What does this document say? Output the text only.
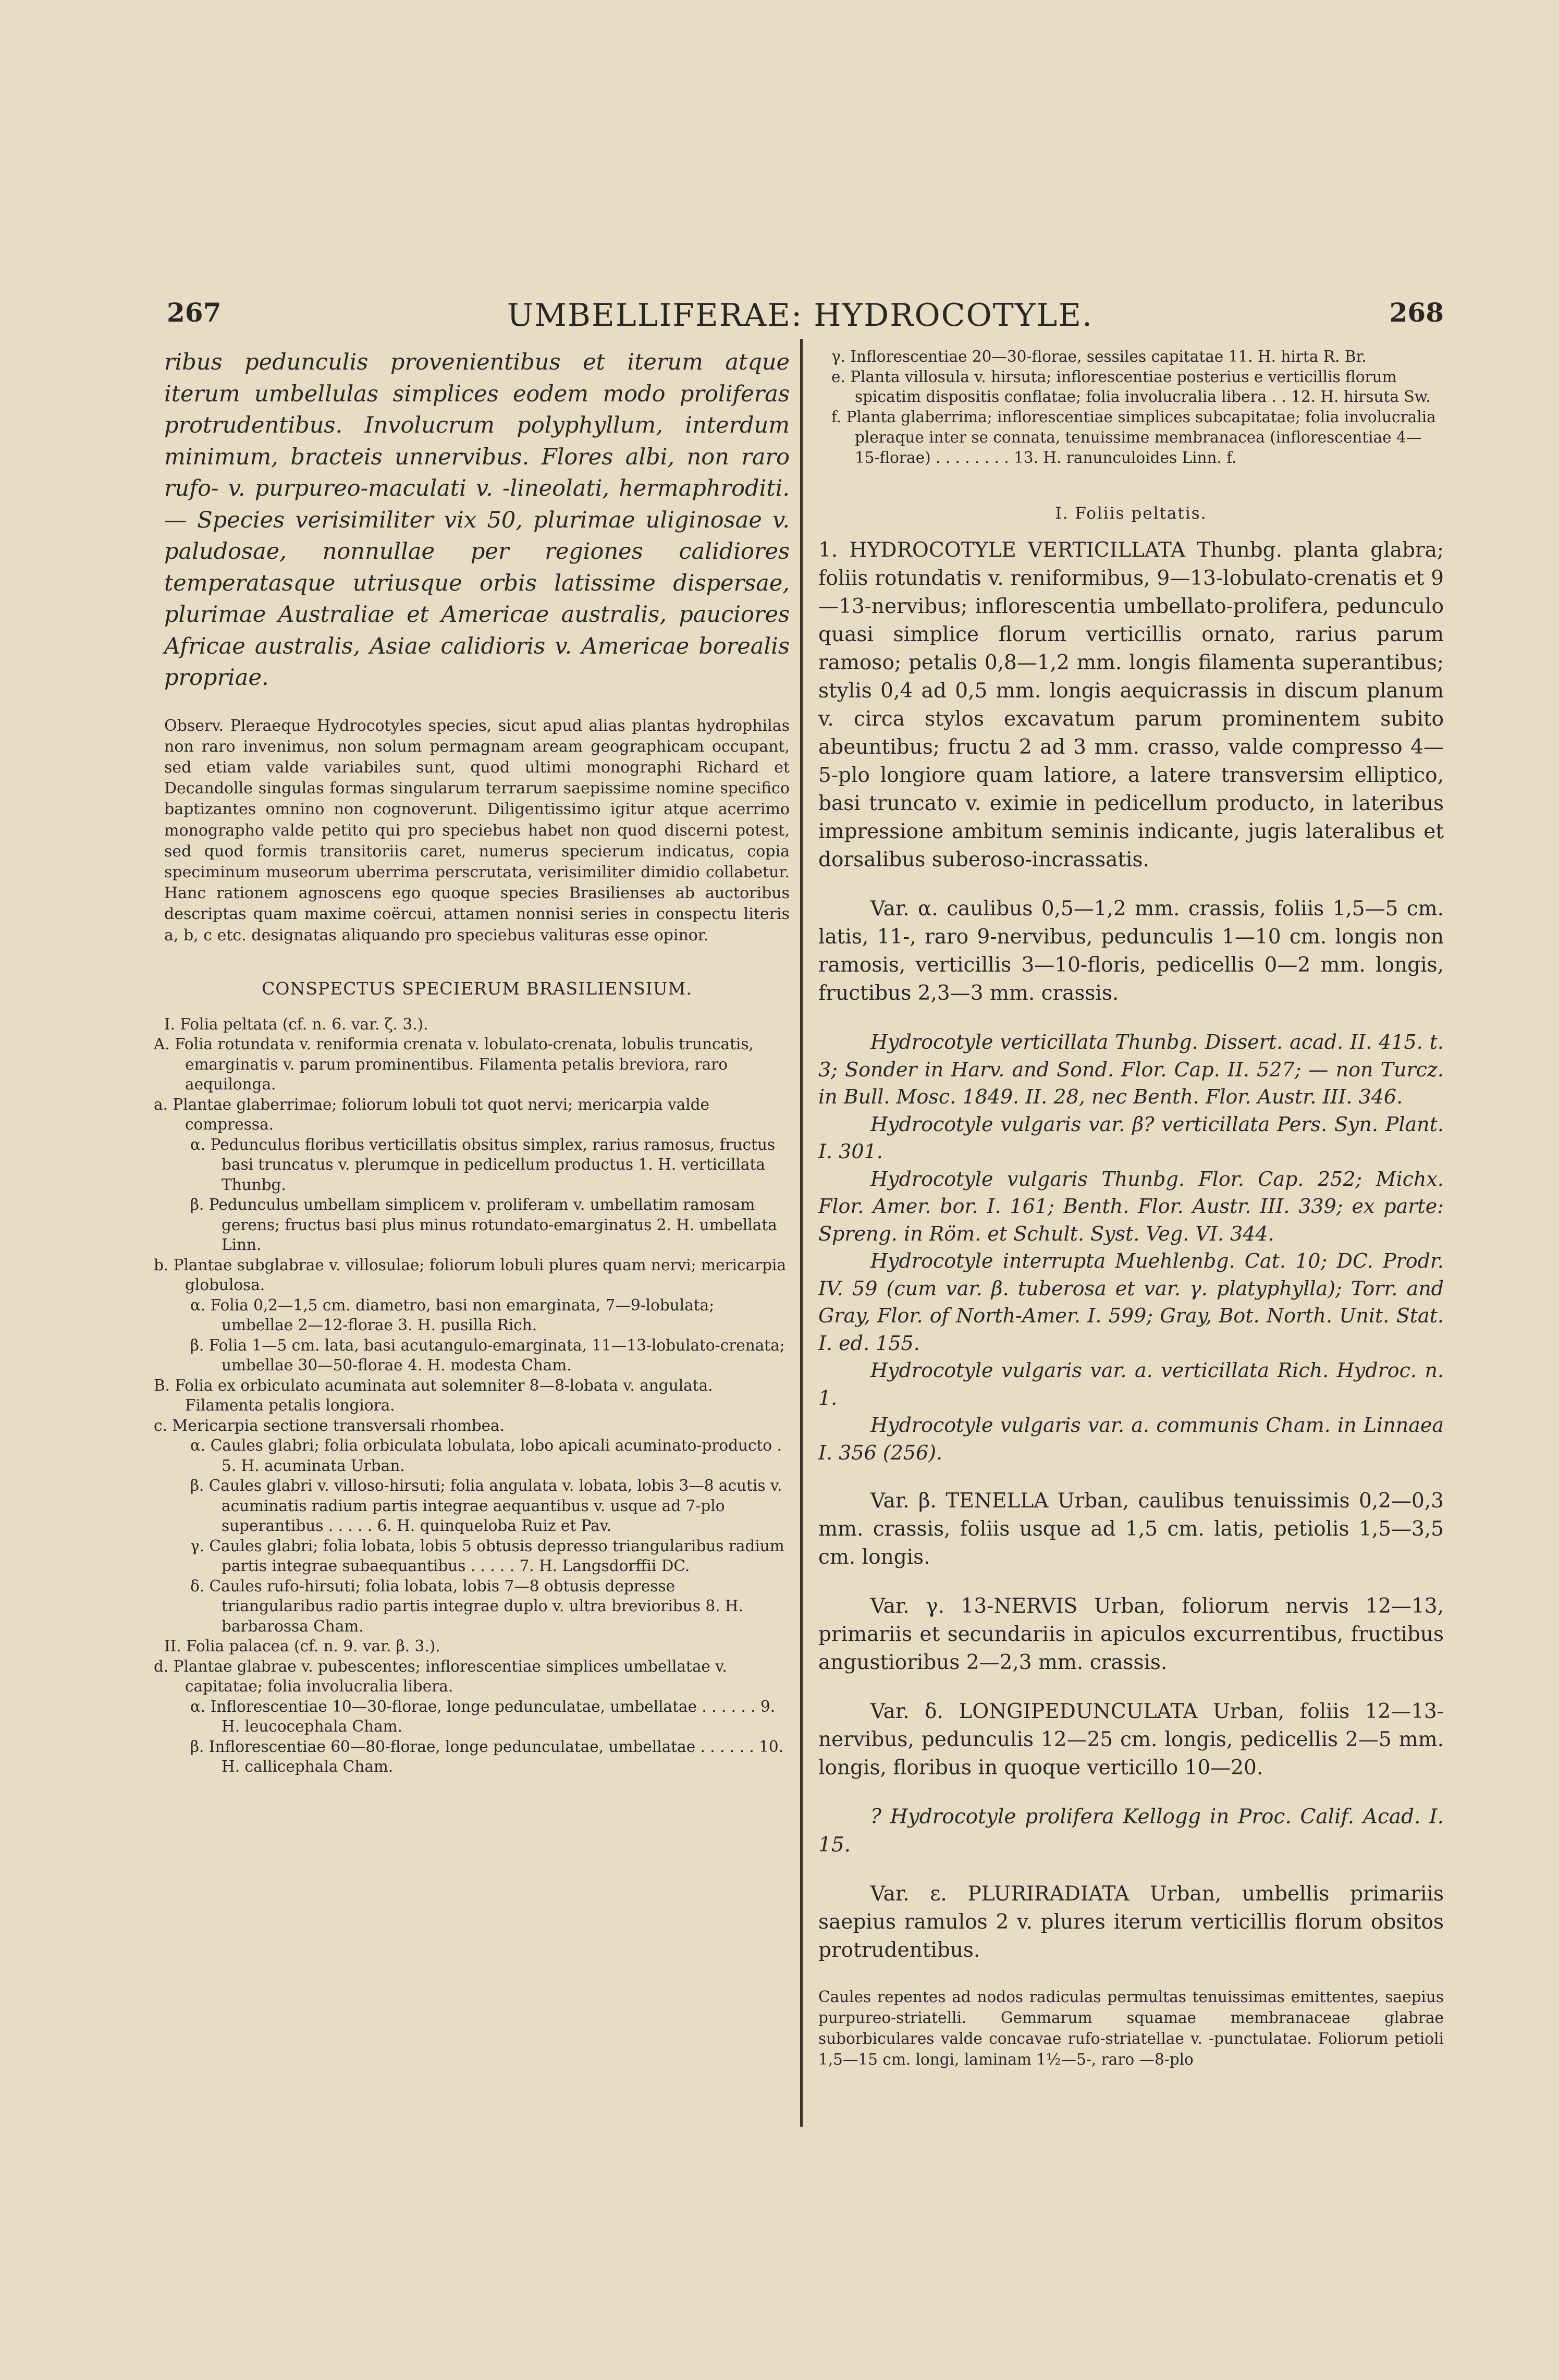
267	UMBELLIFERAE: HYDROCOTYLE.	268

ribus pedunculis provenientibus et iterum atque iterum umbellulas simplices eodem modo proliferas protrudentibus. Involucrum polyphyllum, interdum minimum, bracteis unnervibus. Flores albi, non raro rufo- v. purpureo-maculati v. -lineolati, hermaphroditi. — Species verisimiliter vix 50, plurimae uliginosae v. paludosae, nonnullae per regiones calidiores temperatasque utriusque orbis latissime dispersae, plurimae Australiae et Americae australis, pauciores Africae australis, Asiae calidioris v. Americae borealis propriae.

Observ. Pleraeque Hydrocotyles species, sicut apud alias plantas hydrophilas non raro invenimus, non solum permagnam aream geographicam occupant, sed etiam valde variabiles sunt, quod ultimi monographi Richard et Decandolle singulas formas singularum terrarum saepissime nomine specifico baptizantes omnino non cognoverunt. Diligentissimo igitur atque acerrimo monographo valde petito qui pro speciebus habet non quod discerni potest, sed quod formis transitoriis caret, numerus specierum indicatus, copia speciminum museorum uberrima perscrutata, verisimiliter dimidio collabetur. Hanc rationem agnoscens ego quoque species Brasilienses ab auctoribus descriptas quam maxime coërcui, attamen nonnisi series in conspectu literis a, b, c etc. designatas aliquando pro speciebus valituras esse opinor.

CONSPECTUS SPECIERUM BRASILIENSIUM.
I. Folia peltata (cf. n. 6. var. ζ. 3.).
A. Folia rotundata v. reniformia crenata v. lobulato-crenata, lobulis truncatis, emarginatis v. parum prominentibus. Filamenta petalis breviora, raro aequilonga.
a. Plantae glaberrimae; foliorum lobuli tot quot nervi; mericarpia valde compressa.
α. Pedunculus floribus verticillatis obsitus simplex, rarius ramosus, fructus basi truncatus v. plerumque in pedicellum productus 1. H. verticillata Thunbg.
β. Pedunculus umbellam simplicem v. proliferam v. umbellatim ramosam gerens; fructus basi plus minus rotundato-emarginatus 2. H. umbellata Linn.
b. Plantae subglabrae v. villosulae; foliorum lobuli plures quam nervi; mericarpia globulosa.
α. Folia 0,2—1,5 cm. diametro, basi non emarginata, 7—9-lobulata; umbellae 2—12-florae 3. H. pusilla Rich.
β. Folia 1—5 cm. lata, basi acutangulo-emarginata, 11—13-lobulato-crenata; umbellae 30—50-florae 4. H. modesta Cham.
B. Folia ex orbiculato acuminata aut solemniter 8—8-lobata v. angulata. Filamenta petalis longiora.
c. Mericarpia sectione transversali rhombea.
α. Caules glabri; folia orbiculata lobulata, lobo apicali acuminato-producto . 5. H. acuminata Urban.
β. Caules glabri v. villoso-hirsuti; folia angulata v. lobata, lobis 3—8 acutis v. acuminatis radium partis integrae aequantibus v. usque ad 7-plo superantibus . . . . . 6. H. quinqueloba Ruiz et Pav.
γ. Caules glabri; folia lobata, lobis 5 obtusis depresso triangularibus radium partis integrae subaequantibus . . . . . 7. H. Langsdorffii DC.
δ. Caules rufo-hirsuti; folia lobata, lobis 7—8 obtusis depresse triangularibus radio partis integrae duplo v. ultra brevioribus 8. H. barbarossa Cham.
II. Folia palacea (cf. n. 9. var. β. 3.).
d. Plantae glabrae v. pubescentes; inflorescentiae simplices umbellatae v. capitatae; folia involucralia libera.
α. Inflorescentiae 10—30-florae, longe pedunculatae, umbellatae . . . . . . 9. H. leucocephala Cham.
β. Inflorescentiae 60—80-florae, longe pedunculatae, umbellatae . . . . . . 10. H. callicephala Cham.
γ. Inflorescentiae 20—30-florae, sessiles capitatae 11. H. hirta R. Br.
e. Planta villosula v. hirsuta; inflorescentiae posterius e verticillis florum spicatim dispositis conflatae; folia involucralia libera . . 12. H. hirsuta Sw.
f. Planta glaberrima; inflorescentiae simplices subcapitatae; folia involucralia pleraque inter se connata, tenuissime membranacea (inflorescentiae 4—15-florae) . . . . . . . . 13. H. ranunculoides Linn. f.
I. Foliis peltatis.

1. HYDROCOTYLE VERTICILLATA Thunbg. planta glabra; foliis rotundatis v. reniformibus, 9—13-lobulato-crenatis et 9—13-nervibus; inflorescentia umbellato-prolifera, pedunculo quasi simplice florum verticillis ornato, rarius parum ramoso; petalis 0,8—1,2 mm. longis filamenta superantibus; stylis 0,4 ad 0,5 mm. longis aequicrassis in discum planum v. circa stylos excavatum parum prominentem subito abeuntibus; fructu 2 ad 3 mm. crasso, valde compresso 4—5-plo longiore quam latiore, a latere transversim elliptico, basi truncato v. eximie in pedicellum producto, in lateribus impressione ambitum seminis indicante, jugis lateralibus et dorsalibus suberoso-incrassatis.

Var. α. caulibus 0,5—1,2 mm. crassis, foliis 1,5—5 cm. latis, 11-, raro 9-nervibus, pedunculis 1—10 cm. longis non ramosis, verticillis 3—10-floris, pedicellis 0—2 mm. longis, fructibus 2,3—3 mm. crassis.

Hydrocotyle verticillata Thunbg. Dissert. acad. II. 415. t. 3; Sonder in Harv. and Sond. Flor. Cap. II. 527; — non Turcz. in Bull. Mosc. 1849. II. 28, nec Benth. Flor. Austr. III. 346.
Hydrocotyle vulgaris var. β? verticillata Pers. Syn. Plant. I. 301.
Hydrocotyle vulgaris Thunbg. Flor. Cap. 252; Michx. Flor. Amer. bor. I. 161; Benth. Flor. Austr. III. 339; ex parte: Spreng. in Röm. et Schult. Syst. Veg. VI. 344.
Hydrocotyle interrupta Muehlenbg. Cat. 10; DC. Prodr. IV. 59 (cum var. β. tuberosa et var. γ. platyphylla); Torr. and Gray, Flor. of North-Amer. I. 599; Gray, Bot. North. Unit. Stat. I. ed. 155.
Hydrocotyle vulgaris var. a. verticillata Rich. Hydroc. n. 1.
Hydrocotyle vulgaris var. a. communis Cham. in Linnaea I. 356 (256).

Var. β. TENELLA Urban, caulibus tenuissimis 0,2—0,3 mm. crassis, foliis usque ad 1,5 cm. latis, petiolis 1,5—3,5 cm. longis.

Var. γ. 13-NERVIS Urban, foliorum nervis 12—13, primariis et secundariis in apiculos excurrentibus, fructibus angustioribus 2—2,3 mm. crassis.

Var. δ. LONGIPEDUNCULATA Urban, foliis 12—13-nervibus, pedunculis 12—25 cm. longis, pedicellis 2—5 mm. longis, floribus in quoque verticillo 10—20.

? Hydrocotyle prolifera Kellogg in Proc. Calif. Acad. I. 15.

Var. ε. PLURIRADIATA Urban, umbellis primariis saepius ramulos 2 v. plures iterum verticillis florum obsitos protrudentibus.

Caules repentes ad nodos radiculas permultas tenuissimas emittentes, saepius purpureo-striatelli. Gemmarum squamae membranaceae glabrae suborbiculares valde concavae rufo-striatellae v. -punctulatae. Foliorum petioli 1,5—15 cm. longi, laminam 1½—5-, raro —8-plo
